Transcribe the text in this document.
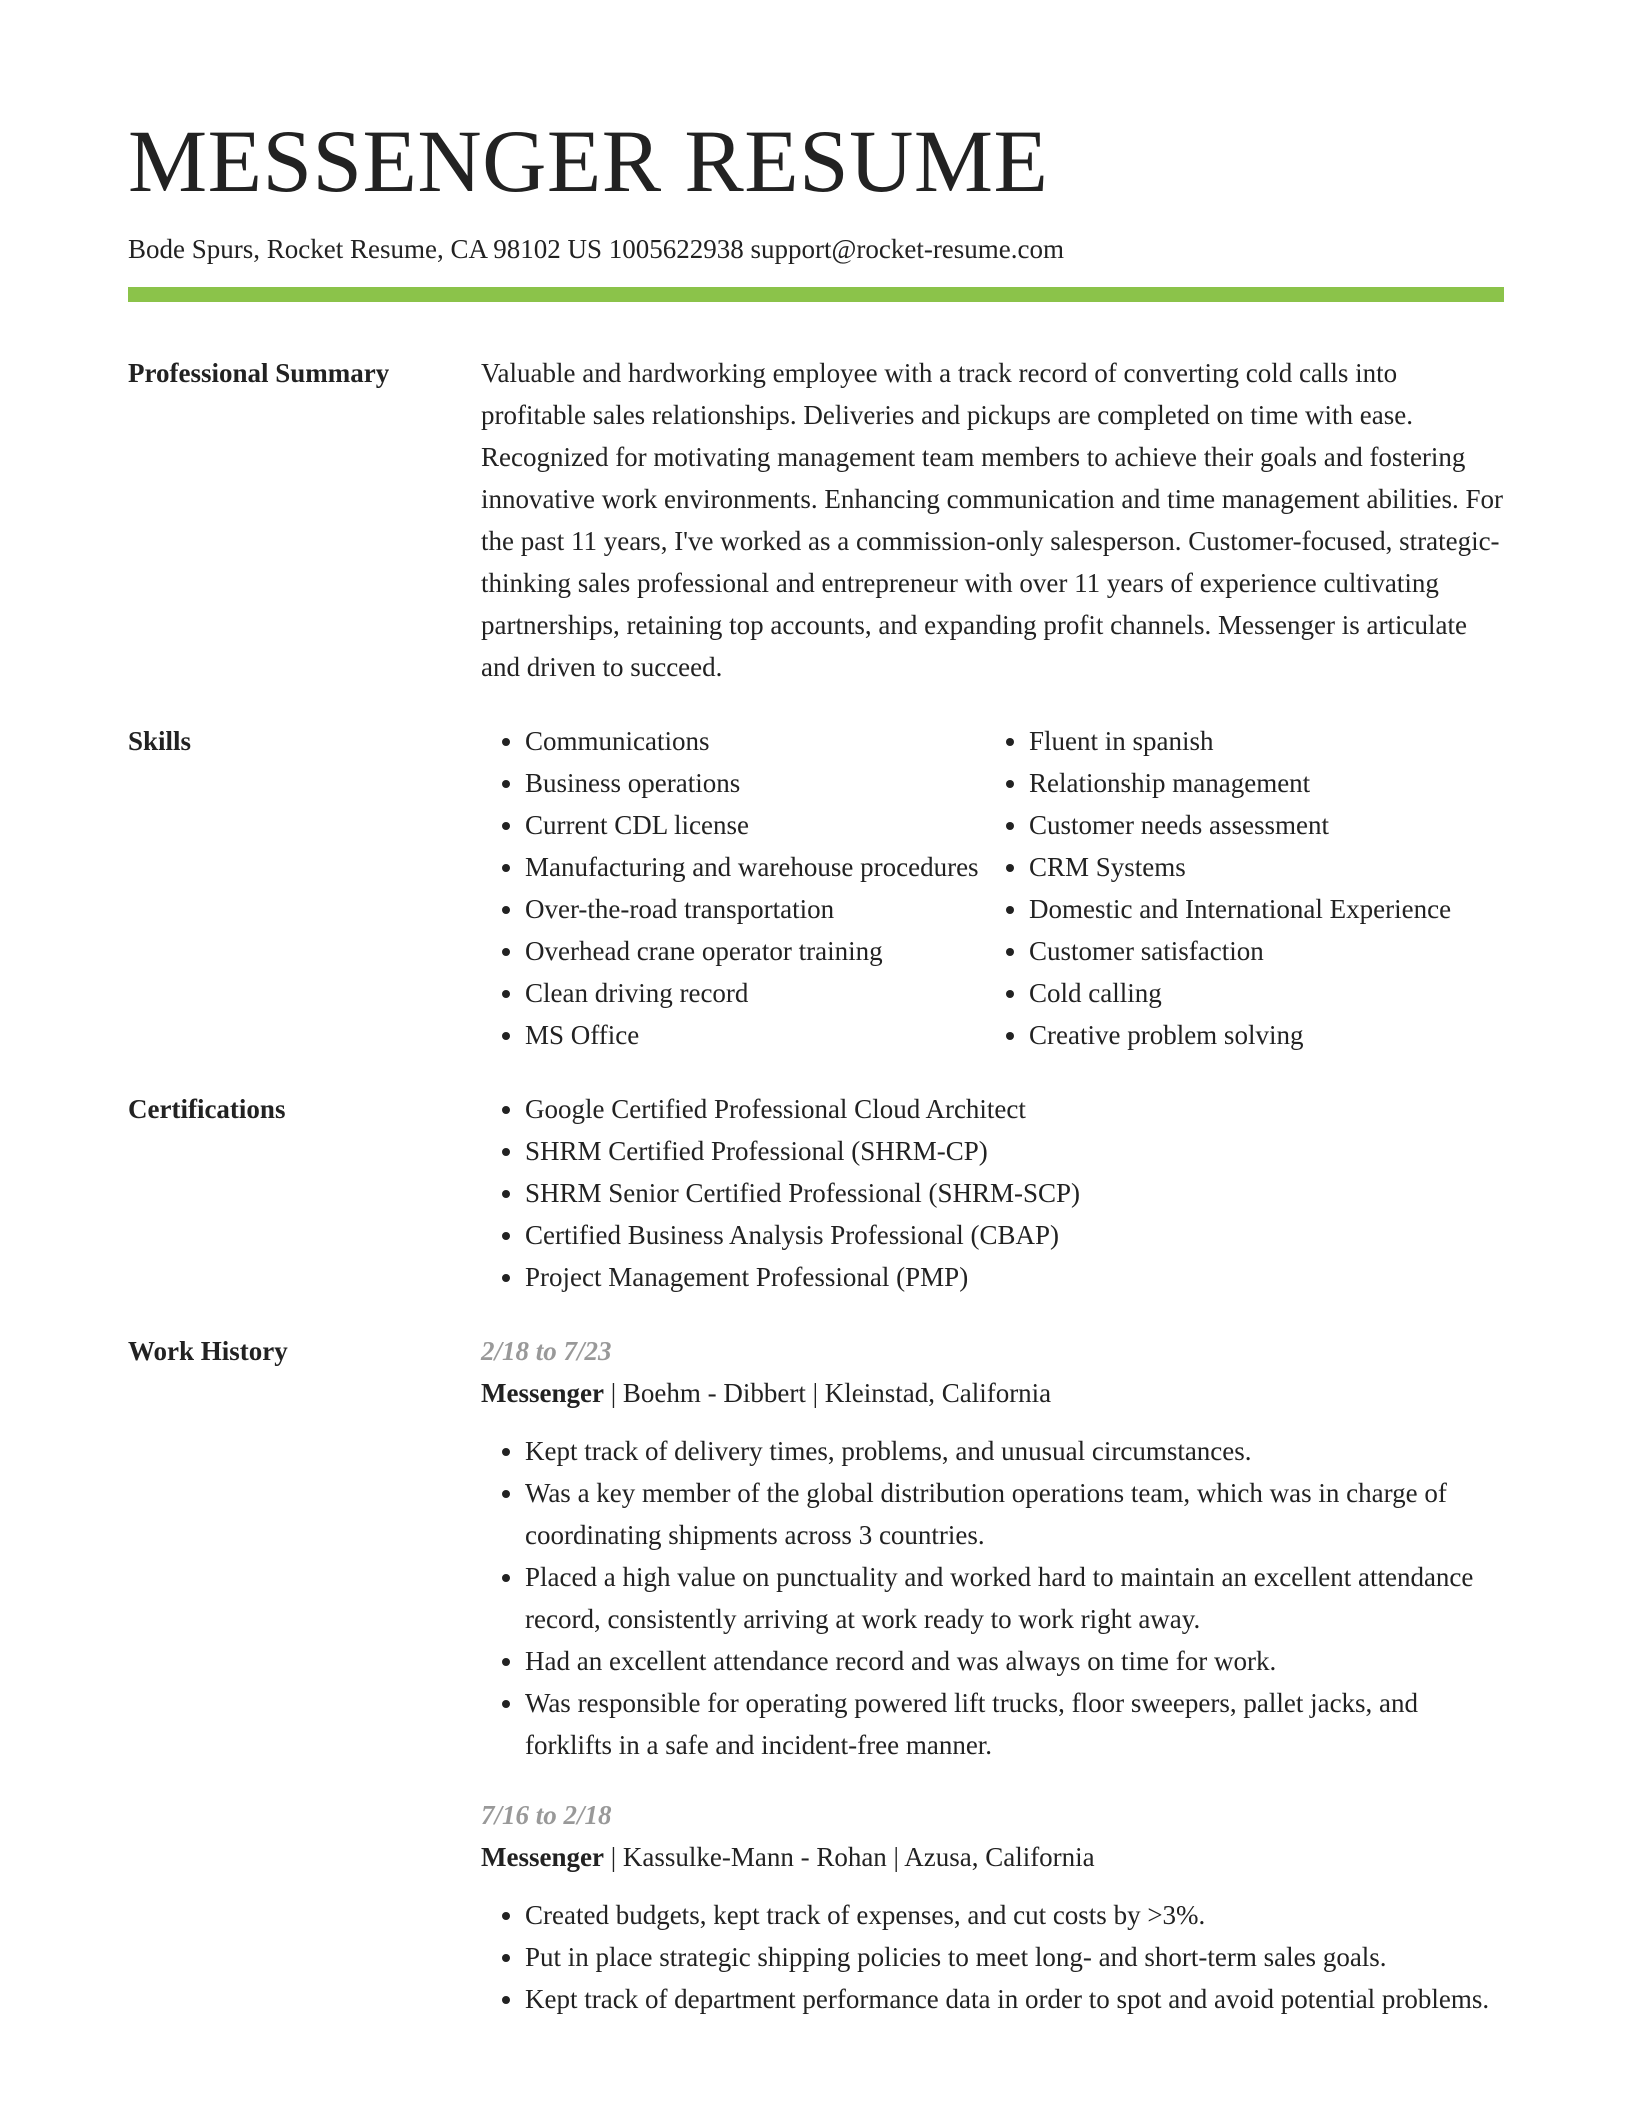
MESSENGER RESUME
Bode Spurs, Rocket Resume, CA 98102 US 1005622938 support@rocket-resume.com
Professional Summary	Valuable and hardworking employee with a track record of converting cold calls into profitable sales relationships. Deliveries and pickups are completed on time with ease. Recognized for motivating management team members to achieve their goals and fostering innovative work environments. Enhancing communication and time management abilities. For the past 11 years, I've worked as a commission-only salesperson. Customer-focused, strategic-thinking sales professional and entrepreneur with over 11 years of experience cultivating partnerships, retaining top accounts, and expanding profit channels. Messenger is articulate and driven to succeed.

Skills	• Communications
• Business operations
• Current CDL license
• Manufacturing and warehouse procedures
• Over-the-road transportation
• Overhead crane operator training
• Clean driving record
• MS Office
• Fluent in spanish
• Relationship management
• Customer needs assessment
• CRM Systems
• Domestic and International Experience
• Customer satisfaction
• Cold calling
• Creative problem solving
Certifications	• Google Certified Professional Cloud Architect
• SHRM Certified Professional (SHRM-CP)
• SHRM Senior Certified Professional (SHRM-SCP)
• Certified Business Analysis Professional (CBAP)
• Project Management Professional (PMP)
Work History	2/18 to 7/23
Messenger | Boehm - Dibbert | Kleinstad, California
• Kept track of delivery times, problems, and unusual circumstances.
• Was a key member of the global distribution operations team, which was in charge of coordinating shipments across 3 countries.
• Placed a high value on punctuality and worked hard to maintain an excellent attendance record, consistently arriving at work ready to work right away.
• Had an excellent attendance record and was always on time for work.
• Was responsible for operating powered lift trucks, floor sweepers, pallet jacks, and forklifts in a safe and incident-free manner.
7/16 to 2/18
Messenger | Kassulke-Mann - Rohan | Azusa, California
• Created budgets, kept track of expenses, and cut costs by >3%.
• Put in place strategic shipping policies to meet long- and short-term sales goals.
• Kept track of department performance data in order to spot and avoid potential problems.
